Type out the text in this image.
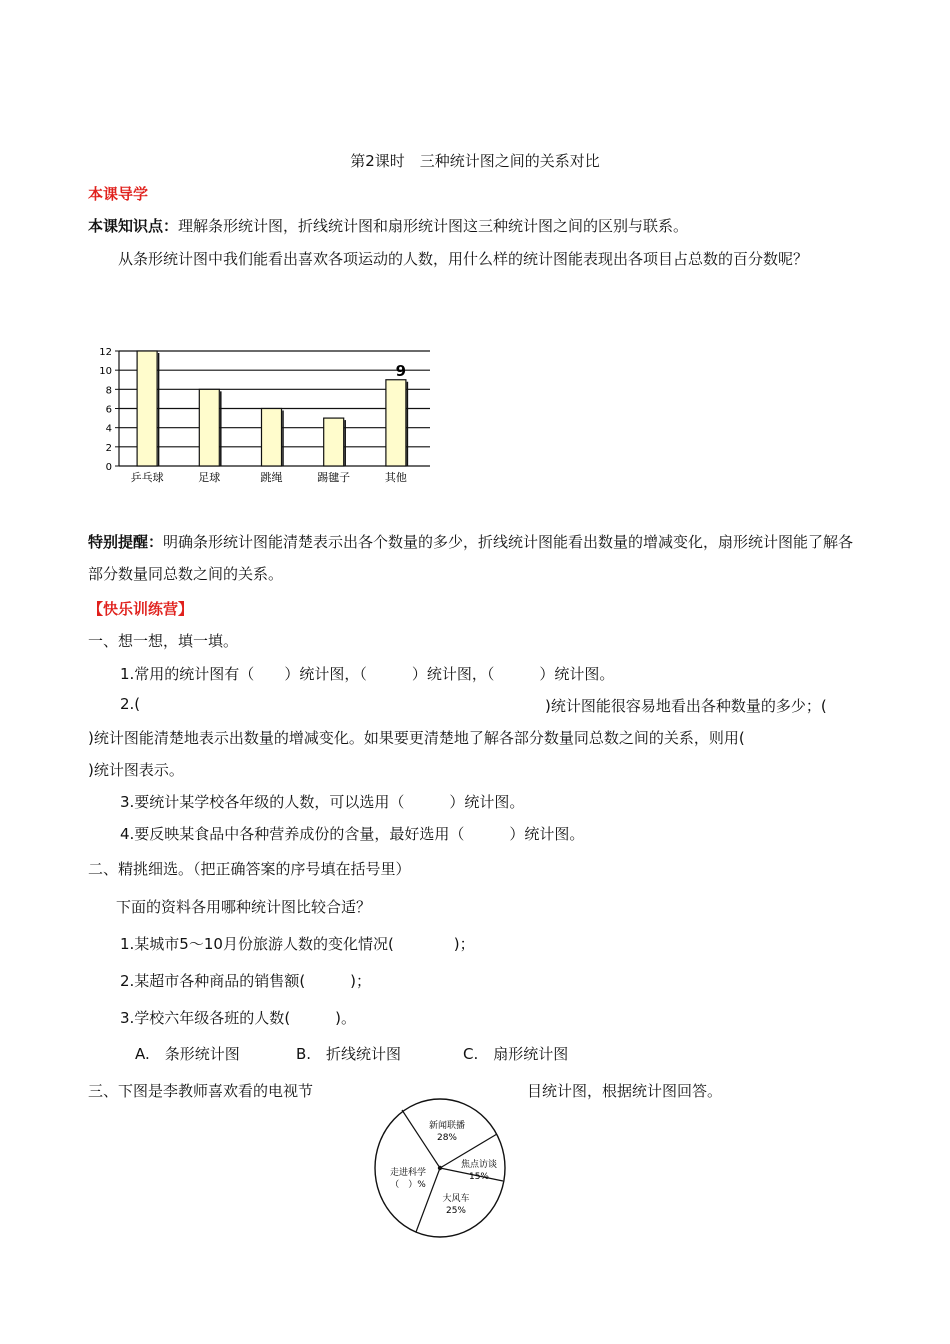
第2课时　三种统计图之间的关系对比
本课导学
本课知识点：理解条形统计图，折线统计图和扇形统计图这三种统计图之间的区别与联系。
从条形统计图中我们能看出喜欢各项运动的人数，用什么样的统计图能表现出各项目占总数的百分数呢？
0
2
4
6
8
10
12
乒乓球	足球	跳绳	踢毽子	其他
9
特别提醒：明确条形统计图能清楚表示出各个数量的多少，折线统计图能看出数量的增减变化，扇形统计图能了解各部分数量同总数之间的关系。
【快乐训练营】
一、想一想，填一填。
1.常用的统计图有（　　）统计图，（　　　）统计图，（　　　）统计图。
2.(	)统计图能很容易地看出各种数量的多少；(
)统计图能清楚地表示出数量的增减变化。如果要更清楚地了解各部分数量同总数之间的关系，则用(
)统计图表示。
3.要统计某学校各年级的人数，可以选用（　　　）统计图。
4.要反映某食品中各种营养成份的含量，最好选用（　　　）统计图。
二、精挑细选。（把正确答案的序号填在括号里）
下面的资料各用哪种统计图比较合适？
1.某城市5～10月份旅游人数的变化情况(　　　　)；
2.某超市各种商品的销售额(　　　)；
3.学校六年级各班的人数(　　　)。
A.　条形统计图	B.　折线统计图	C.　扇形统计图
三、下图是李教师喜欢看的电视节	目统计图，根据统计图回答。
新闻联播
28%
焦点访谈
15%
大风车
25%
走进科学
（　）%
